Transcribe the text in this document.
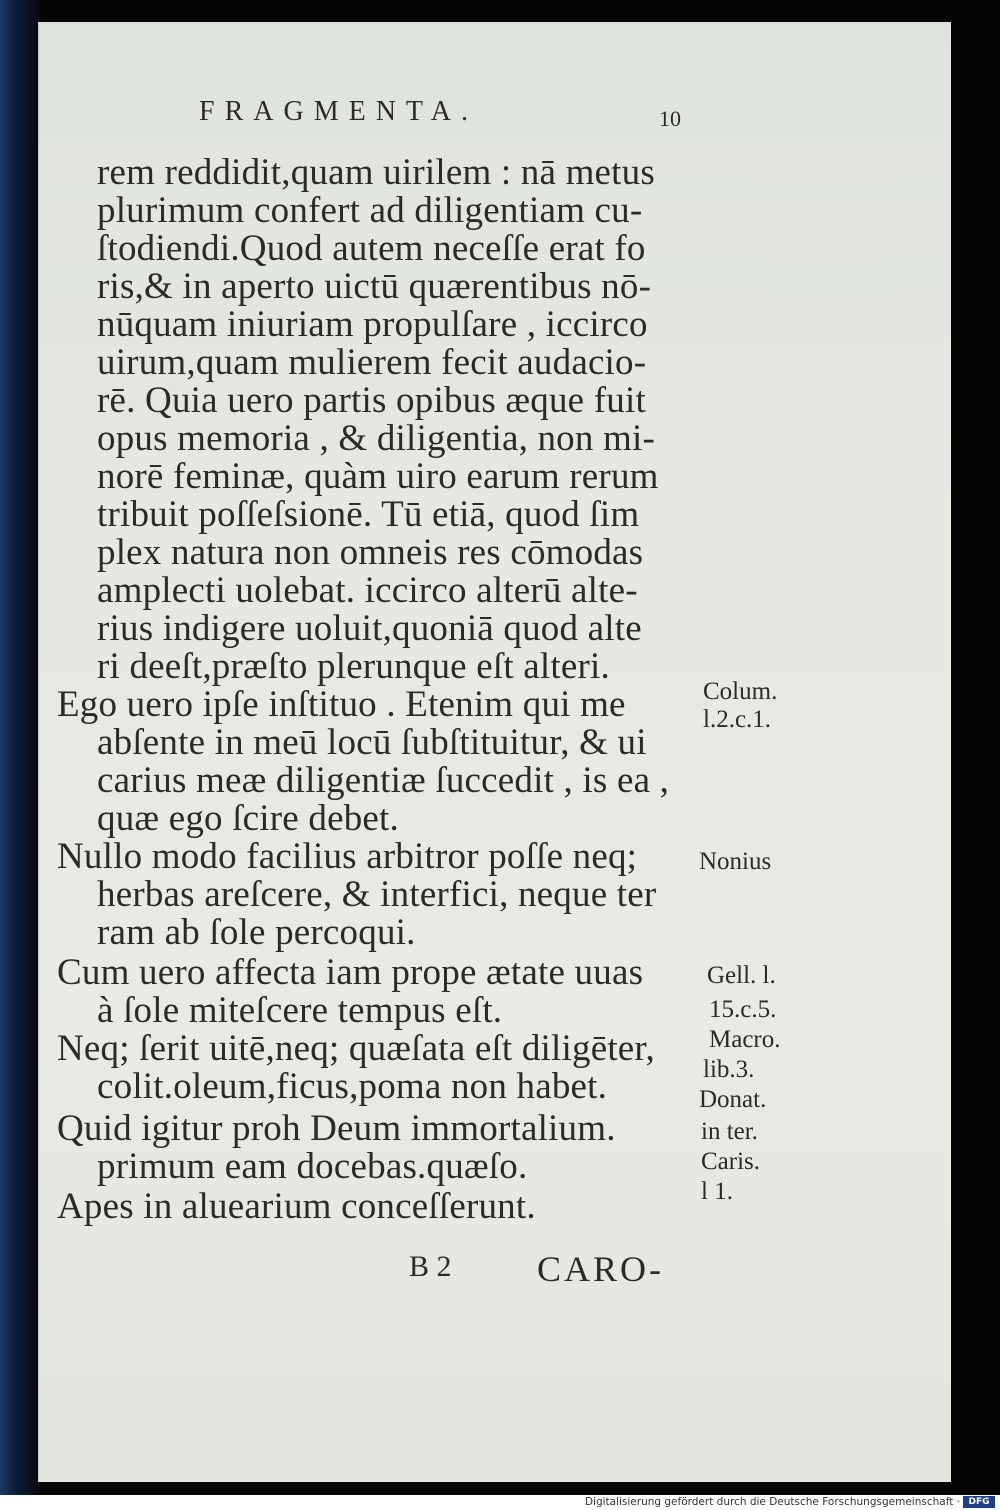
FRAGMENTA.	10
rem reddidit,quam uirilem : nā metus
plurimum confert ad diligentiam cu-
ſtodiendi.Quod autem neceſſe erat fo
ris,& in aperto uictū quærentibus nō-
nūquam iniuriam propulſare , iccirco
uirum,quam mulierem fecit audacio-
rē. Quia uero partis opibus æque fuit
opus memoria , & diligentia, non mi-
norē feminæ, quàm uiro earum rerum
tribuit poſſeſsionē. Tū etiā, quod ſim
plex natura non omneis res cōmodas
amplecti uolebat. iccirco alterū alte-
rius indigere uoluit,quoniā quod alte
ri deeſt,præſto plerunque eſt alteri.
Ego uero ipſe inſtituo . Etenim qui me
abſente in meū locū ſubſtituitur, & ui
carius meæ diligentiæ ſuccedit , is ea ,
quæ ego ſcire debet.
Nullo modo facilius arbitror poſſe neq;
herbas areſcere, & interfici, neque ter
ram ab ſole percoqui.
Cum uero affecta iam prope ætate uuas
à ſole miteſcere tempus eſt.
Neq; ſerit uitē,neq; quæſata eſt diligēter,
colit.oleum,ficus,poma non habet.
Quid igitur proh Deum immortalium.
primum eam docebas.quæſo.
Apes in aluearium conceſſerunt.
Colum.
l.2.c.1.
Nonius
Gell. l.
15.c.5.
Macro.
lib.3.
Donat.
in ter.
Caris.
l 1.
B 2 CARO-
Digitalisierung gefördert durch die Deutsche Forschungsgemeinschaft · DFG
